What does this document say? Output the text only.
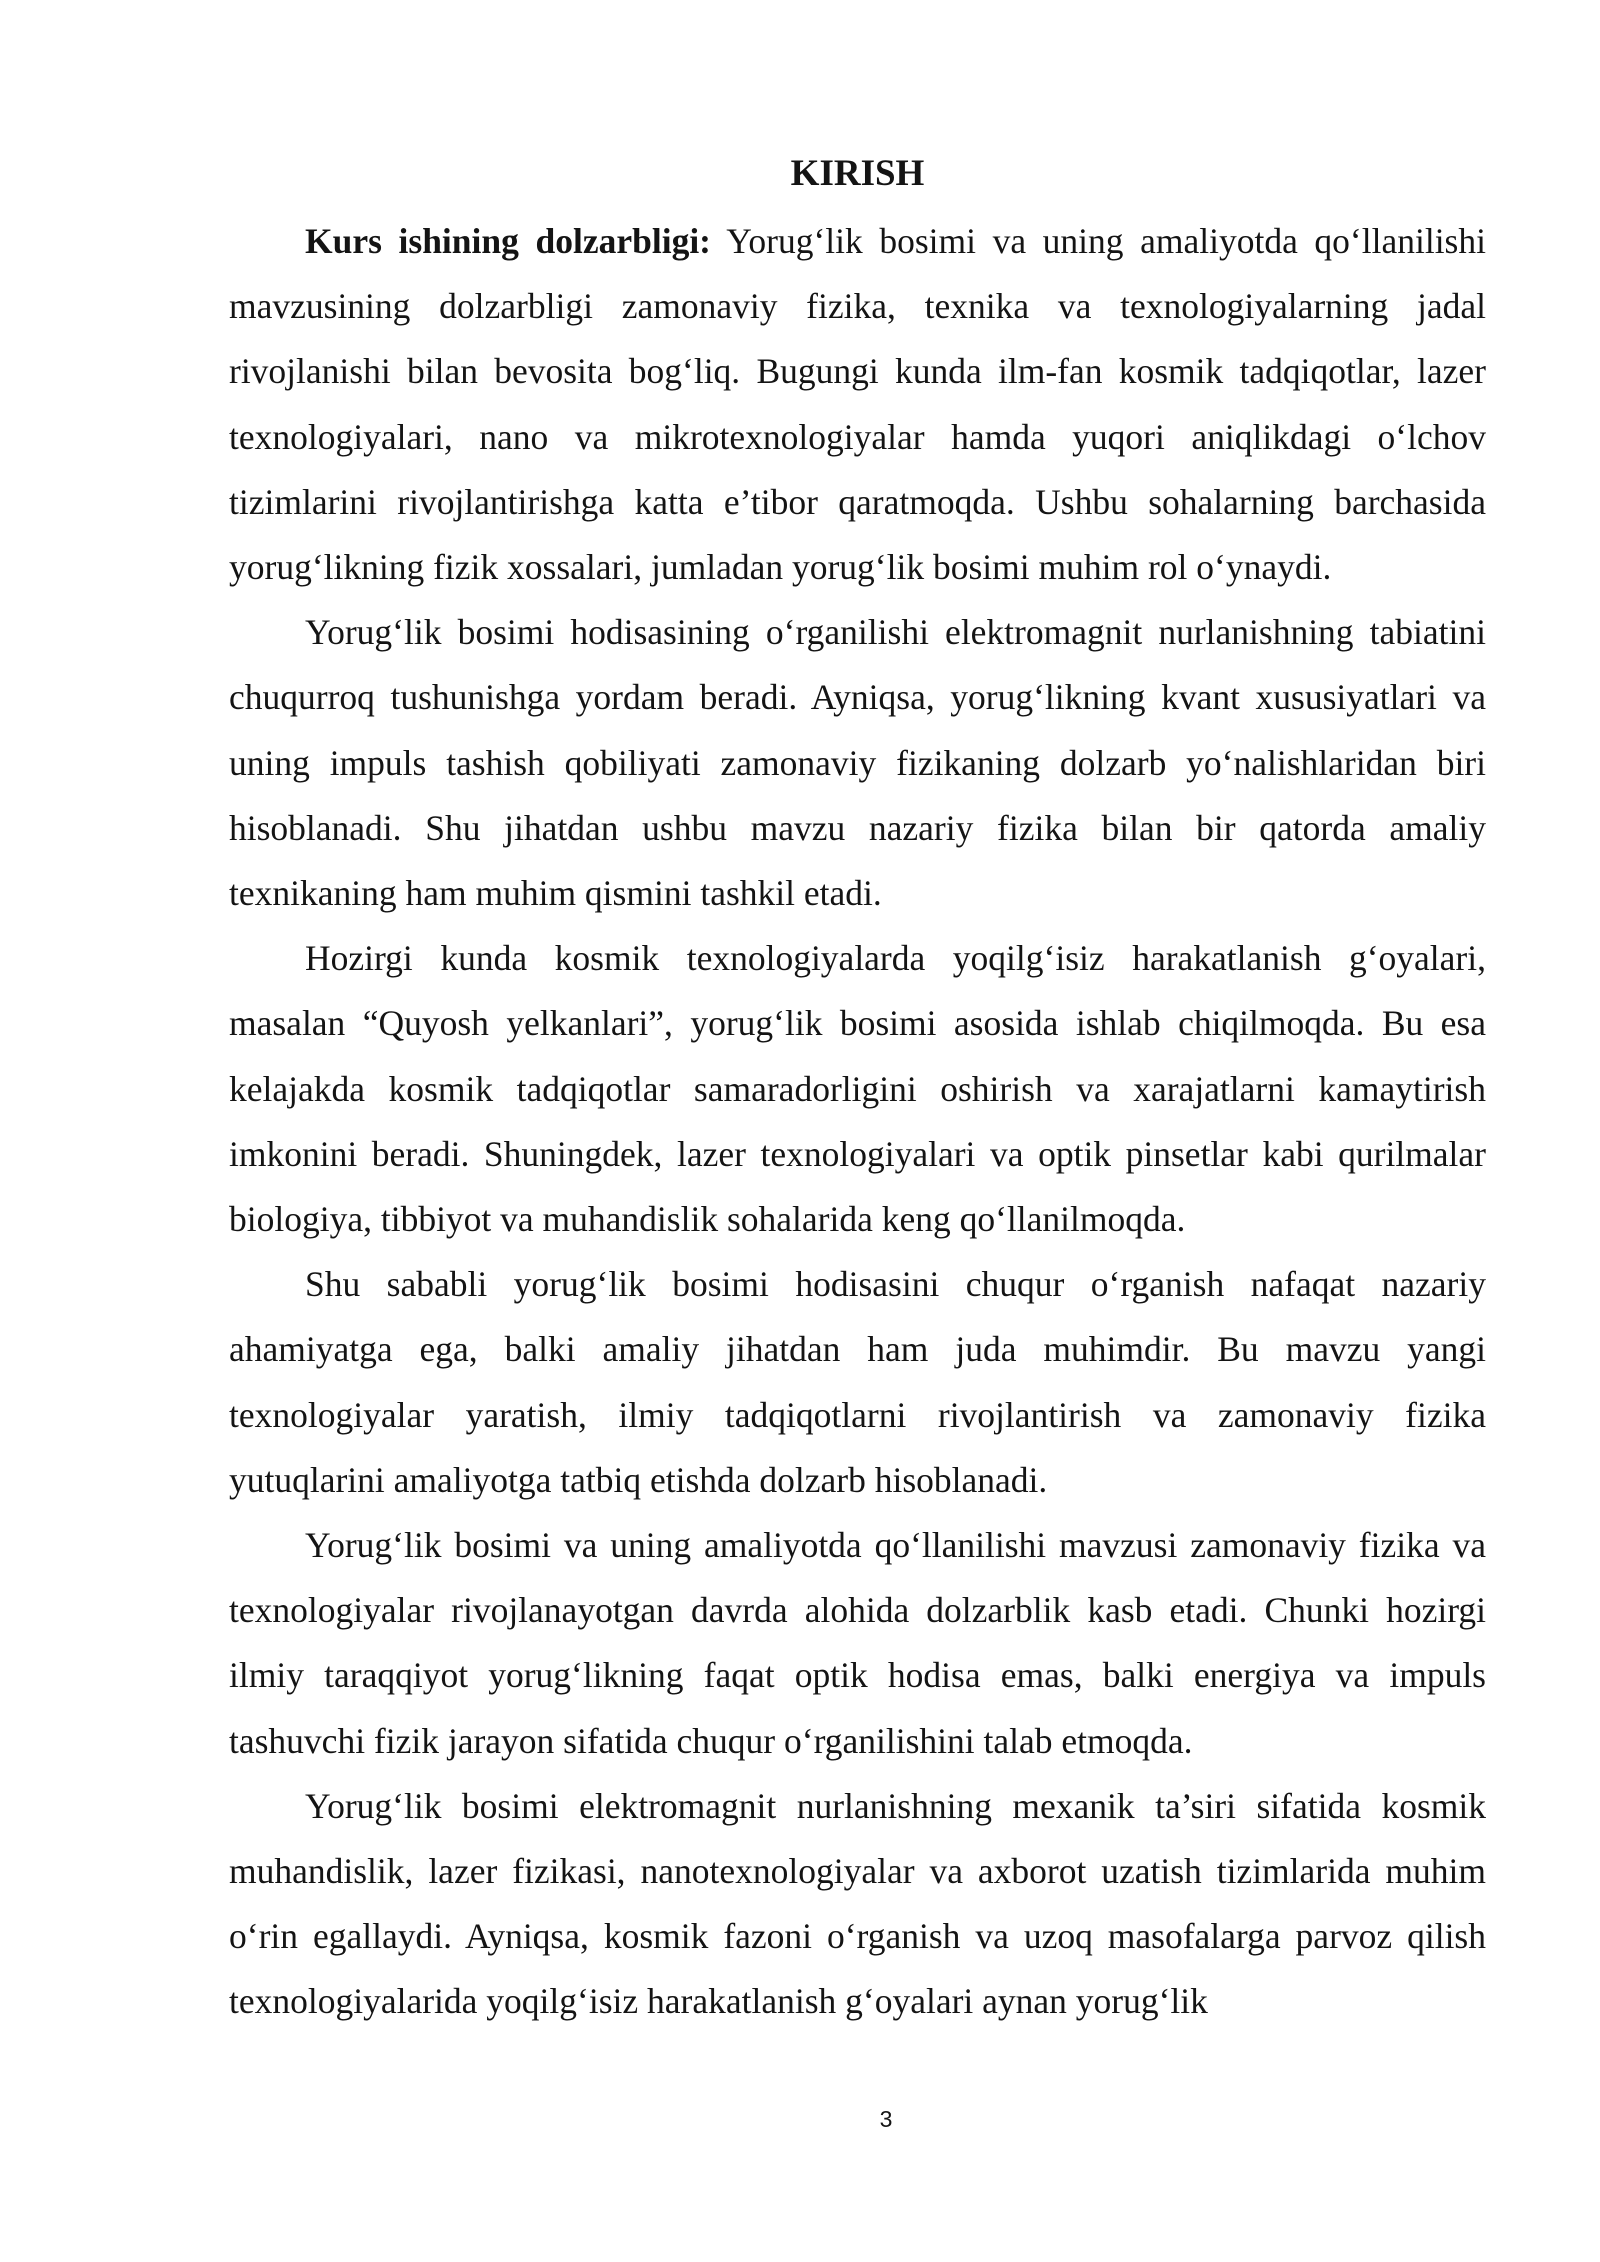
KIRISH

Kurs ishining dolzarbligi: Yorug‘lik bosimi va uning amaliyotda qo‘llanilishi mavzusining dolzarbligi zamonaviy fizika, texnika va texnologiyalarning jadal rivojlanishi bilan bevosita bog‘liq. Bugungi kunda ilm-fan kosmik tadqiqotlar, lazer texnologiyalari, nano va mikrotexnologiyalar hamda yuqori aniqlikdagi o‘lchov tizimlarini rivojlantirishga katta e’tibor qaratmoqda. Ushbu sohalarning barchasida yorug‘likning fizik xossalari, jumladan yorug‘lik bosimi muhim rol o‘ynaydi.

Yorug‘lik bosimi hodisasining o‘rganilishi elektromagnit nurlanishning tabiatini chuqurroq tushunishga yordam beradi. Ayniqsa, yorug‘likning kvant xususiyatlari va uning impuls tashish qobiliyati zamonaviy fizikaning dolzarb yo‘nalishlaridan biri hisoblanadi. Shu jihatdan ushbu mavzu nazariy fizika bilan bir qatorda amaliy texnikaning ham muhim qismini tashkil etadi.

Hozirgi kunda kosmik texnologiyalarda yoqilg‘isiz harakatlanish g‘oyalari, masalan “Quyosh yelkanlari”, yorug‘lik bosimi asosida ishlab chiqilmoqda. Bu esa kelajakda kosmik tadqiqotlar samaradorligini oshirish va xarajatlarni kamaytirish imkonini beradi. Shuningdek, lazer texnologiyalari va optik pinsetlar kabi qurilmalar biologiya, tibbiyot va muhandislik sohalarida keng qo‘llanilmoqda.

Shu sababli yorug‘lik bosimi hodisasini chuqur o‘rganish nafaqat nazariy ahamiyatga ega, balki amaliy jihatdan ham juda muhimdir. Bu mavzu yangi texnologiyalar yaratish, ilmiy tadqiqotlarni rivojlantirish va zamonaviy fizika yutuqlarini amaliyotga tatbiq etishda dolzarb hisoblanadi.

Yorug‘lik bosimi va uning amaliyotda qo‘llanilishi mavzusi zamonaviy fizika va texnologiyalar rivojlanayotgan davrda alohida dolzarblik kasb etadi. Chunki hozirgi ilmiy taraqqiyot yorug‘likning faqat optik hodisa emas, balki energiya va impuls tashuvchi fizik jarayon sifatida chuqur o‘rganilishini talab etmoqda.

Yorug‘lik bosimi elektromagnit nurlanishning mexanik ta’siri sifatida kosmik muhandislik, lazer fizikasi, nanotexnologiyalar va axborot uzatish tizimlarida muhim o‘rin egallaydi. Ayniqsa, kosmik fazoni o‘rganish va uzoq masofalarga parvoz qilish texnologiyalarida yoqilg‘isiz harakatlanish g‘oyalari aynan yorug‘lik

3
